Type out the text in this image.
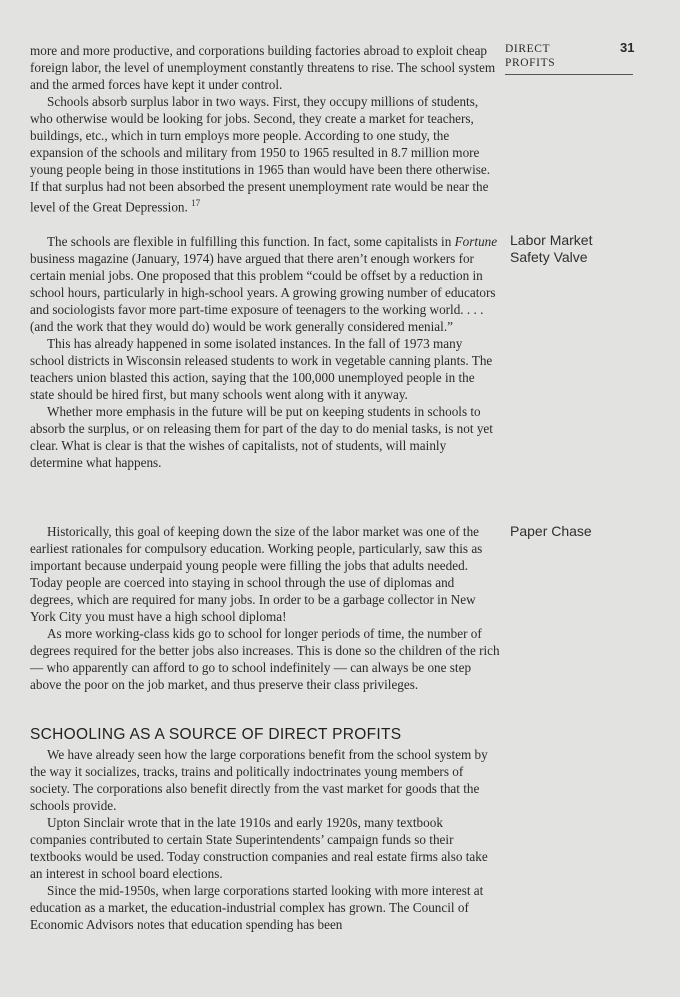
DIRECT
PROFITS
31

more and more productive, and corporations building factories abroad to exploit cheap foreign labor, the level of unemployment constantly threatens to rise. The school system and the armed forces have kept it under control.

Schools absorb surplus labor in two ways. First, they occupy millions of students, who otherwise would be looking for jobs. Second, they create a market for teachers, buildings, etc., which in turn employs more people. According to one study, the expansion of the schools and military from 1950 to 1965 resulted in 8.7 million more young people being in those institutions in 1965 than would have been there otherwise. If that surplus had not been absorbed the present unemployment rate would be near the level of the Great Depression. $^{17}$

Labor Market
Safety Valve

The schools are flexible in fulfilling this function. In fact, some capitalists in Fortune business magazine (January, 1974) have argued that there aren’t enough workers for certain menial jobs. One proposed that this problem “could be offset by a reduction in school hours, particularly in high-school years. A growing growing number of educators and sociologists favor more part-time exposure of teenagers to the working world. . . . (and the work that they would do) would be work generally considered menial.”

This has already happened in some isolated instances. In the fall of 1973 many school districts in Wisconsin released students to work in vegetable canning plants. The teachers union blasted this action, saying that the 100,000 unemployed people in the state should be hired first, but many schools went along with it anyway.

Whether more emphasis in the future will be put on keeping students in schools to absorb the surplus, or on releasing them for part of the day to do menial tasks, is not yet clear. What is clear is that the wishes of capitalists, not of students, will mainly determine what happens.

Paper Chase

Historically, this goal of keeping down the size of the labor market was one of the earliest rationales for compulsory education. Working people, particularly, saw this as important because underpaid young people were filling the jobs that adults needed. Today people are coerced into staying in school through the use of diplomas and degrees, which are required for many jobs. In order to be a garbage collector in New York City you must have a high school diploma!

As more working-class kids go to school for longer periods of time, the number of degrees required for the better jobs also increases. This is done so the children of the rich — who apparently can afford to go to school indefinitely — can always be one step above the poor on the job market, and thus preserve their class privileges.

SCHOOLING AS A SOURCE OF DIRECT PROFITS

We have already seen how the large corporations benefit from the school system by the way it socializes, tracks, trains and politically indoctrinates young members of society. The corporations also benefit directly from the vast market for goods that the schools provide.

Upton Sinclair wrote that in the late 1910s and early 1920s, many textbook companies contributed to certain State Superintendents’ campaign funds so their textbooks would be used. Today construction companies and real estate firms also take an interest in school board elections.

Since the mid-1950s, when large corporations started looking with more interest at education as a market, the education-industrial complex has grown. The Council of Economic Advisors notes that education spending has been
